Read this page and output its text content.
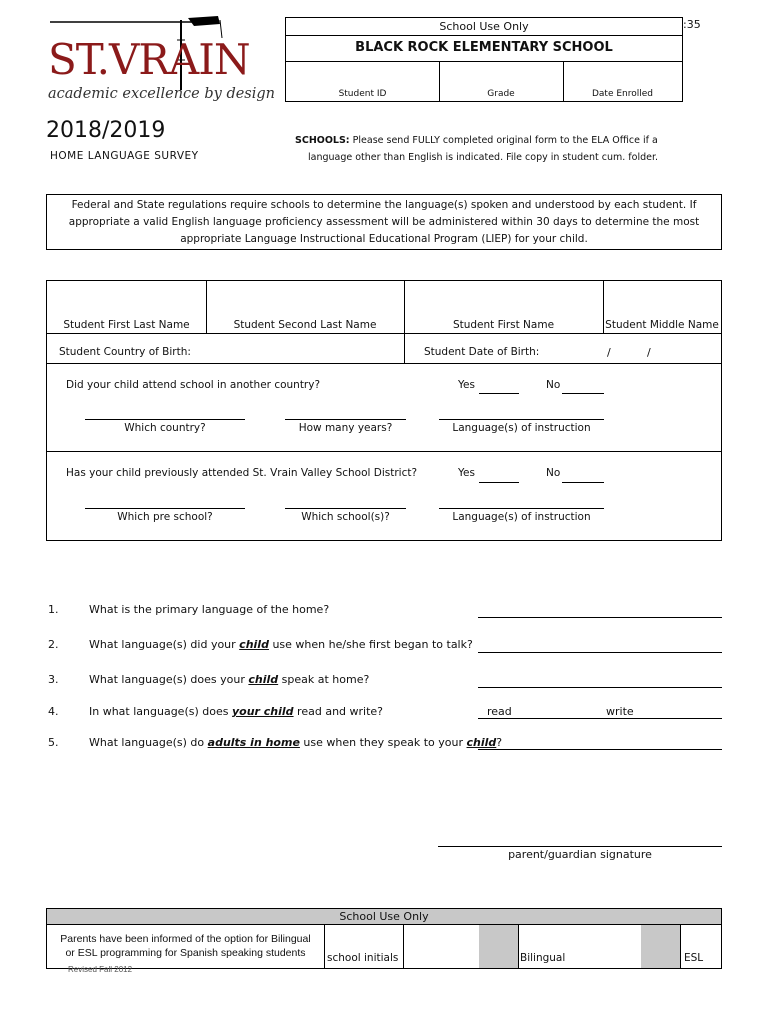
ST.VRAIN
academic excellence by design
School Use Only
BLACK ROCK ELEMENTARY SCHOOL
Student ID	Grade	Date Enrolled
:35
2018/2019
HOME LANGUAGE SURVEY
SCHOOLS: Please send FULLY completed original form to the ELA Office if a
language other than English is indicated. File copy in student cum. folder.
Federal and State regulations require schools to determine the language(s) spoken and understood by each student. If
appropriate a valid English language proficiency assessment will be administered within 30 days to determine the most
appropriate Language Instructional Educational Program (LIEP) for your child.
Student First Last Name	Student Second Last Name	Student First Name	Student Middle Name
Student Country of Birth:	Student Date of Birth:	/	/
Did your child attend school in another country?	Yes	No
Which country?	How many years?	Language(s) of instruction
Has your child previously attended St. Vrain Valley School District?	Yes	No
Which pre school?	Which school(s)?	Language(s) of instruction
1.	What is the primary language of the home?
2.	What language(s) did your child use when he/she first began to talk?
3.	What language(s) does your child speak at home?
4.	In what language(s) does your child read and write?	read	write
5.	What language(s) do adults in home use when they speak to your child?
parent/guardian signature
School Use Only
Parents have been informed of the option for Bilingual
or ESL programming for Spanish speaking students	school initials	Bilingual	ESL
Revised Fall 2012
